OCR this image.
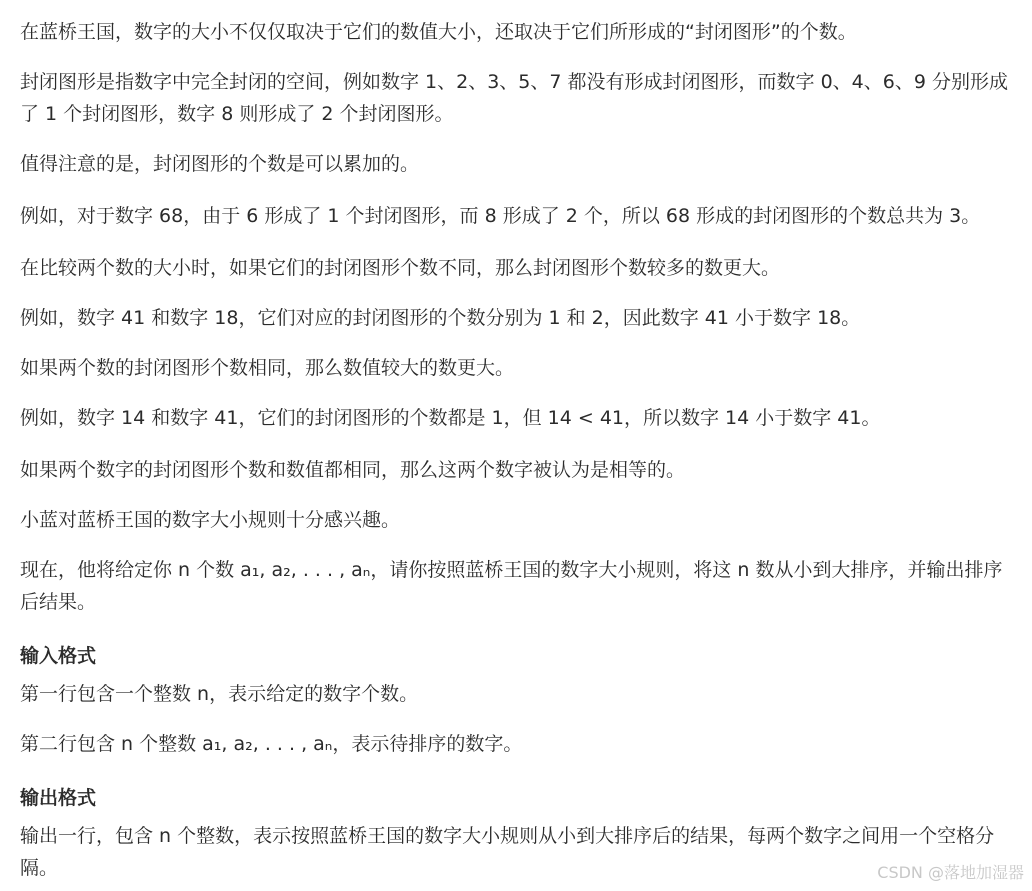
在蓝桥王国，数字的大小不仅仅取决于它们的数值大小，还取决于它们所形成的“封闭图形”的个数。
封闭图形是指数字中完全封闭的空间，例如数字 1、2、3、5、7 都没有形成封闭图形，而数字 0、4、6、9 分别形成了 1 个封闭图形，数字 8 则形成了 2 个封闭图形。
值得注意的是，封闭图形的个数是可以累加的。
例如，对于数字 68，由于 6 形成了 1 个封闭图形，而 8 形成了 2 个，所以 68 形成的封闭图形的个数总共为 3。
在比较两个数的大小时，如果它们的封闭图形个数不同，那么封闭图形个数较多的数更大。
例如，数字 41 和数字 18，它们对应的封闭图形的个数分别为 1 和 2，因此数字 41 小于数字 18。
如果两个数的封闭图形个数相同，那么数值较大的数更大。
例如，数字 14 和数字 41，它们的封闭图形的个数都是 1，但 14 < 41，所以数字 14 小于数字 41。
如果两个数字的封闭图形个数和数值都相同，那么这两个数字被认为是相等的。
小蓝对蓝桥王国的数字大小规则十分感兴趣。
现在，他将给定你 n 个数 a₁, a₂, . . . , aₙ，请你按照蓝桥王国的数字大小规则，将这 n 数从小到大排序，并输出排序后结果。
输入格式
第一行包含一个整数 n，表示给定的数字个数。
第二行包含 n 个整数 a₁, a₂, . . . , aₙ，表示待排序的数字。
输出格式
输出一行，包含 n 个整数，表示按照蓝桥王国的数字大小规则从小到大排序后的结果，每两个数字之间用一个空格分隔。	CSDN @落地加湿器
